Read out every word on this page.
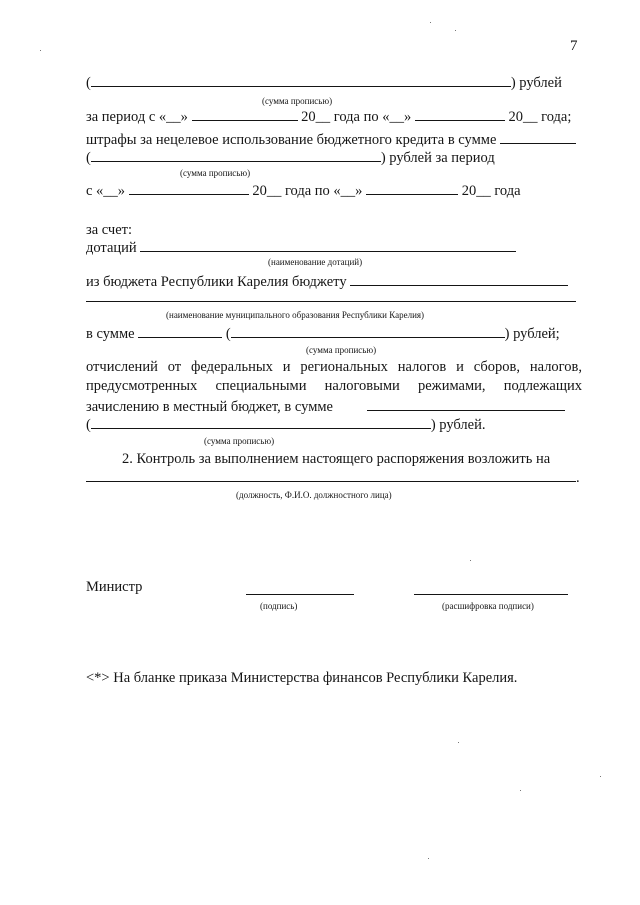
7
(	) рублей
(сумма прописью)
за период с «__»	20__ года по «__»	20__ года;
штрафы за нецелевое использование бюджетного кредита в сумме
(	) рублей за период
(сумма прописью)
с «__»	20__ года по «__»	20__ года
за счет:
дотаций
(наименование дотаций)
из бюджета Республики Карелия бюджету
(наименование муниципального образования Республики Карелия)
в сумме	(	) рублей;
(сумма прописью)
отчислений от федеральных и региональных налогов и сборов, налогов,
предусмотренных специальными налоговыми режимами, подлежащих
зачислению в местный бюджет, в сумме
(	) рублей.
(сумма прописью)
2. Контроль за выполнением настоящего распоряжения возложить на
.
(должность, Ф.И.О. должностного лица)
Министр
(подпись)	(расшифровка подписи)
<*> На бланке приказа Министерства финансов Республики Карелия.
